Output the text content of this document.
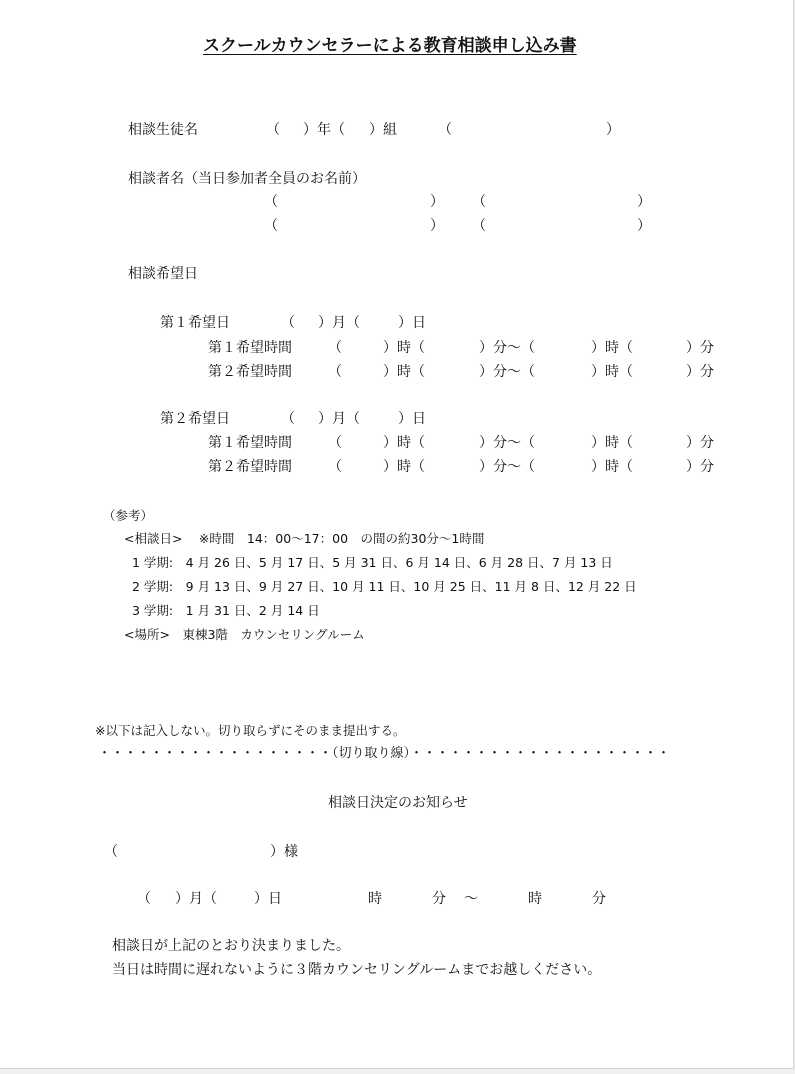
スクールカウンセラーによる教育相談申し込み書
相談生徒名	（ ）年（ ）組	（	）
相談者名（当日参加者全員のお名前）
（	） （	）
（	） （	）
相談希望日
第１希望日	（ ）月（	）日
第１希望時間	（	）時（	）分～（	）時（	）分
第２希望時間	（	）時（	）分～（	）時（	）分
第２希望日	（ ）月（	）日
第１希望時間	（	）時（	）分～（	）時（	）分
第２希望時間	（	）時（	）分～（	）時（	）分
（参考）
<相談日>　 ※時間　14：00～17：00　の間の約30分～1時間
1 学期:　4 月 26 日、5 月 17 日、5 月 31 日、6 月 14 日、6 月 28 日、7 月 13 日
2 学期:　9 月 13 日、9 月 27 日、10 月 11 日、10 月 25 日、11 月 8 日、12 月 22 日
3 学期:　1 月 31 日、2 月 14 日
<場所>　東棟3階　カウンセリングルーム
※以下は記入しない。切り取らずにそのまま提出する。
・・・・・・・・・・・・・・・・・・（切り取り線）・・・・・・・・・・・・・・・・・・・・
相談日決定のお知らせ
（	）様
（ ）月（	）日	時	分 ～	時	分
相談日が上記のとおり決まりました。
当日は時間に遅れないように３階カウンセリングルームまでお越しください。
